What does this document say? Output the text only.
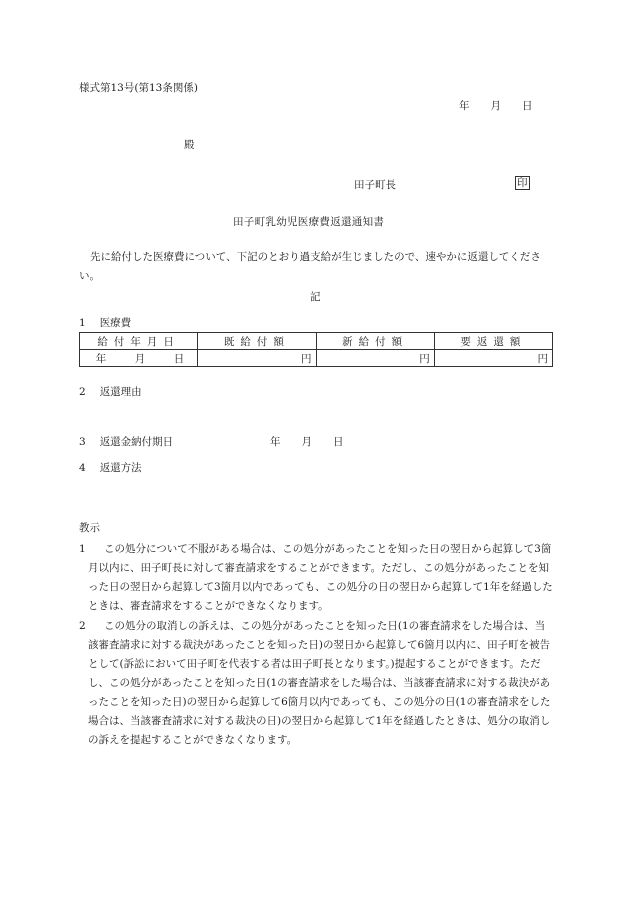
様式第13号(第13条関係)
年　　月　　日
殿
田子町長	印
田子町乳幼児医療費返還通知書
先に給付した医療費について、下記のとおり過支給が生じましたので、速やかに返還してください。
記
1 医療費
給付年月日	既給付額	新給付額	要返還額
年　月　日	円	円	円
2 返還理由
3 返還金納付期日	年　　月　　日
4 返還方法
教示
1	この処分について不服がある場合は、この処分があったことを知った日の翌日から起算して3箇月以内に、田子町長に対して審査請求をすることができます。ただし、この処分があったことを知った日の翌日から起算して3箇月以内であっても、この処分の日の翌日から起算して1年を経過したときは、審査請求をすることができなくなります。
2	この処分の取消しの訴えは、この処分があったことを知った日(1の審査請求をした場合は、当該審査請求に対する裁決があったことを知った日)の翌日から起算して6箇月以内に、田子町を被告として(訴訟において田子町を代表する者は田子町長となります。)提起することができます。ただし、この処分があったことを知った日(1の審査請求をした場合は、当該審査請求に対する裁決があったことを知った日)の翌日から起算して6箇月以内であっても、この処分の日(1の審査請求をした場合は、当該審査請求に対する裁決の日)の翌日から起算して1年を経過したときは、処分の取消しの訴えを提起することができなくなります。
